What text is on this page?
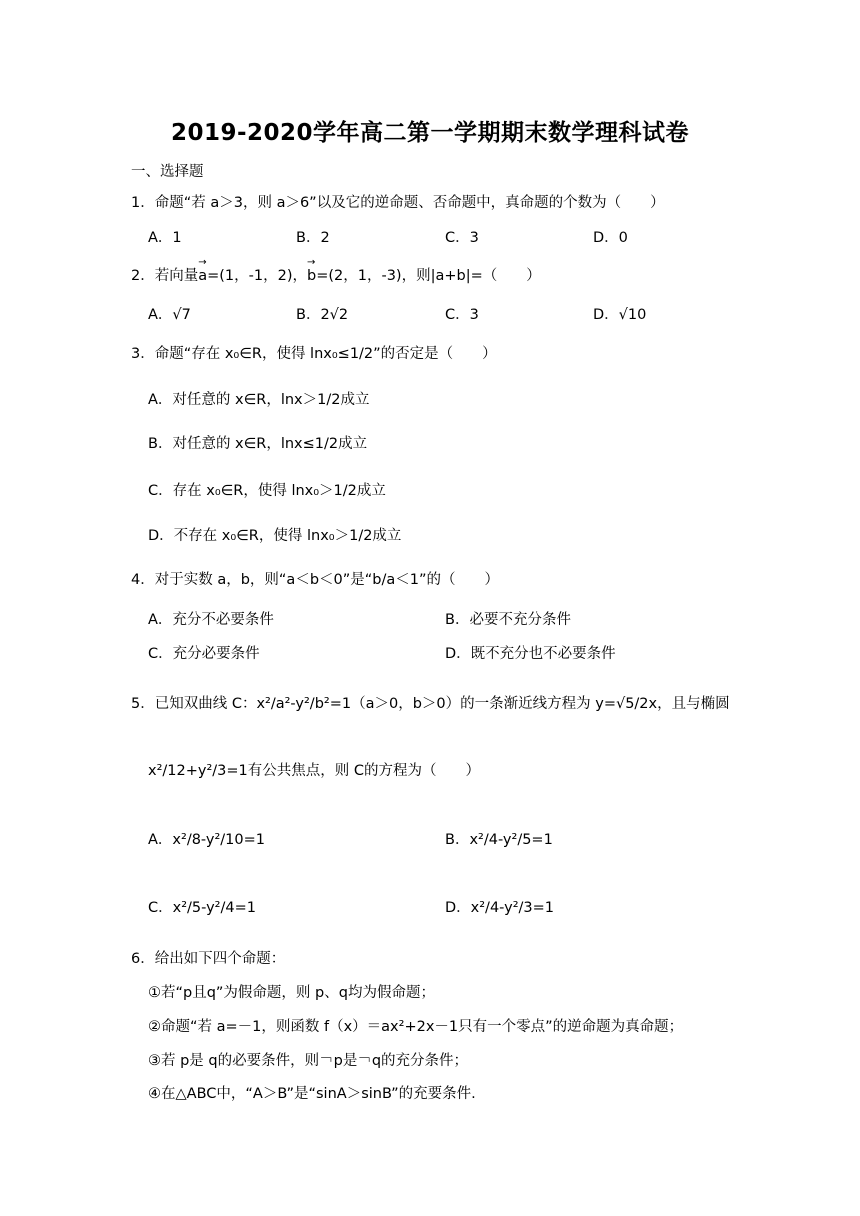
2019-2020学年高二第一学期期末数学理科试卷
一、选择题
1．命题“若 a＞3，则 a＞6”以及它的逆命题、否命题中，真命题的个数为（　　）
A．1	B．2	C．3	D．0
2．若向量→ a=(1，-1，2)，→ b=(2，1，-3)，则|a+b|=（　　）
A．√7	B．2√2	C．3	D．√10
3．命题“存在 x₀∈R，使得 lnx₀≤1/2”的否定是（　　）
A．对任意的 x∈R，lnx＞1/2成立
B．对任意的 x∈R，lnx≤1/2成立
C．存在 x₀∈R，使得 lnx₀＞1/2成立
D．不存在 x₀∈R，使得 lnx₀＞1/2成立
4．对于实数 a，b，则“a＜b＜0”是“b/a＜1”的（　　）
A．充分不必要条件	B．必要不充分条件
C．充分必要条件	D．既不充分也不必要条件
5．已知双曲线 C：x²/a²-y²/b²=1（a＞0，b＞0）的一条渐近线方程为 y=√5/2x，且与椭圆
x²/12+y²/3=1有公共焦点，则 C的方程为（　　）
A．x²/8-y²/10=1	B．x²/4-y²/5=1
C．x²/5-y²/4=1	D．x²/4-y²/3=1
6．给出如下四个命题：
①若“p且q”为假命题，则 p、q均为假命题；
②命题“若 a=－1，则函数 f（x）＝ax²+2x－1只有一个零点”的逆命题为真命题；
③若 p是 q的必要条件，则￢p是￢q的充分条件；
④在△ABC中，“A＞B”是“sinA＞sinB”的充要条件.
